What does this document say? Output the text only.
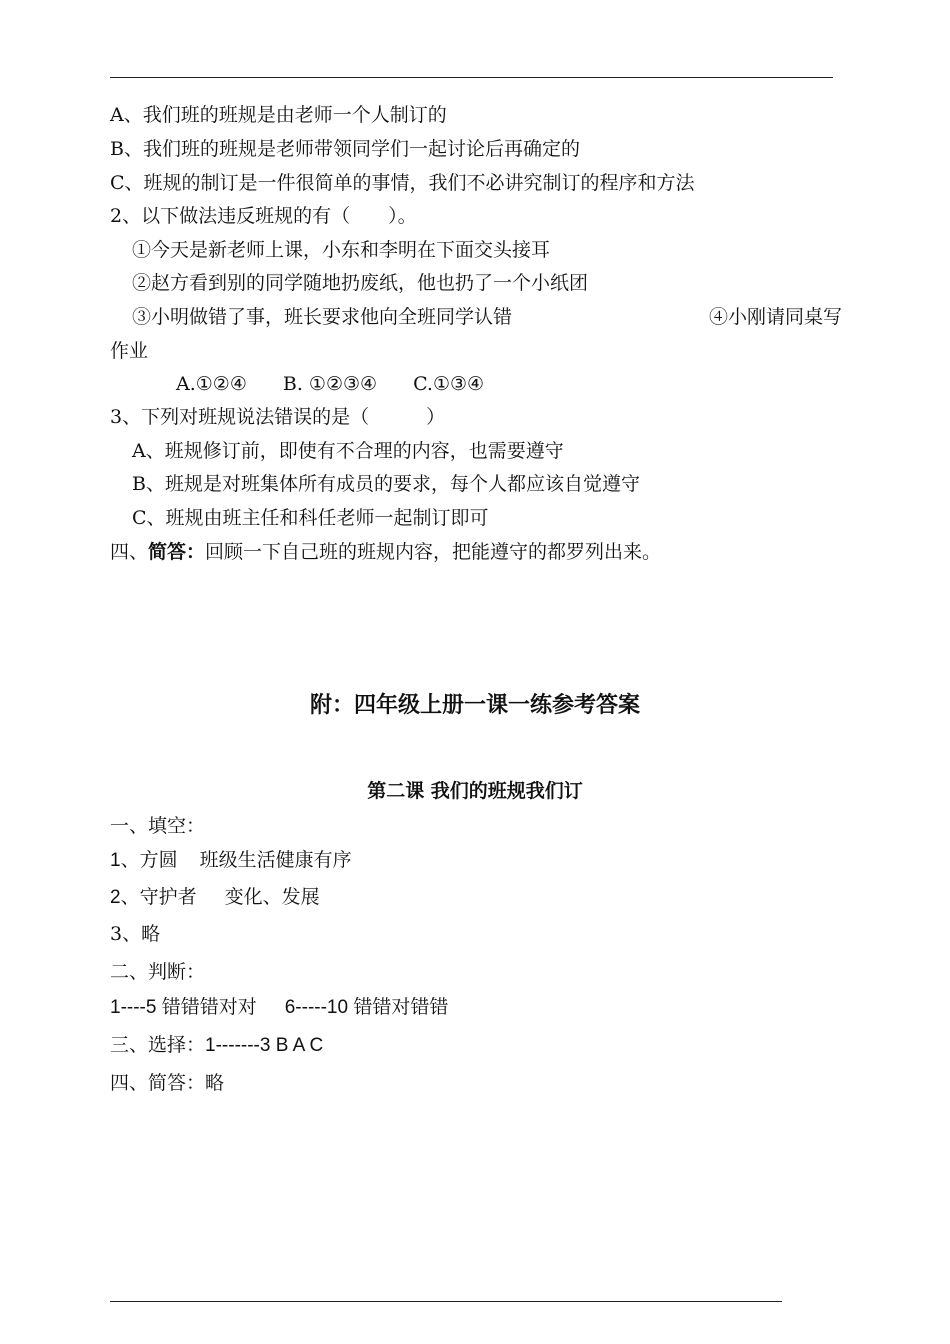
A、我们班的班规是由老师一个人制订的
B、我们班的班规是老师带领同学们一起讨论后再确定的
C、班规的制订是一件很简单的事情，我们不必讲究制订的程序和方法
2、以下做法违反班规的有（　　）。
①今天是新老师上课，小东和李明在下面交头接耳
②赵方看到别的同学随地扔废纸，他也扔了一个小纸团
③小明做错了事，班长要求他向全班同学认错	④小刚请同桌写
作业
A.①②④ B. ①②③④ C.①③④
3、下列对班规说法错误的是（　　　）
A、班规修订前，即使有不合理的内容，也需要遵守
B、班规是对班集体所有成员的要求，每个人都应该自觉遵守
C、班规由班主任和科任老师一起制订即可
四、简答：回顾一下自己班的班规内容，把能遵守的都罗列出来。
附：四年级上册一课一练参考答案
第二课 我们的班规我们订
一、填空：
1、方圆 班级生活健康有序
2、守护者 变化、发展
3、略
二、判断：
1----5 错错错对对 6-----10 错错对错错
三、选择：1-------3 B A C
四、简答：略
